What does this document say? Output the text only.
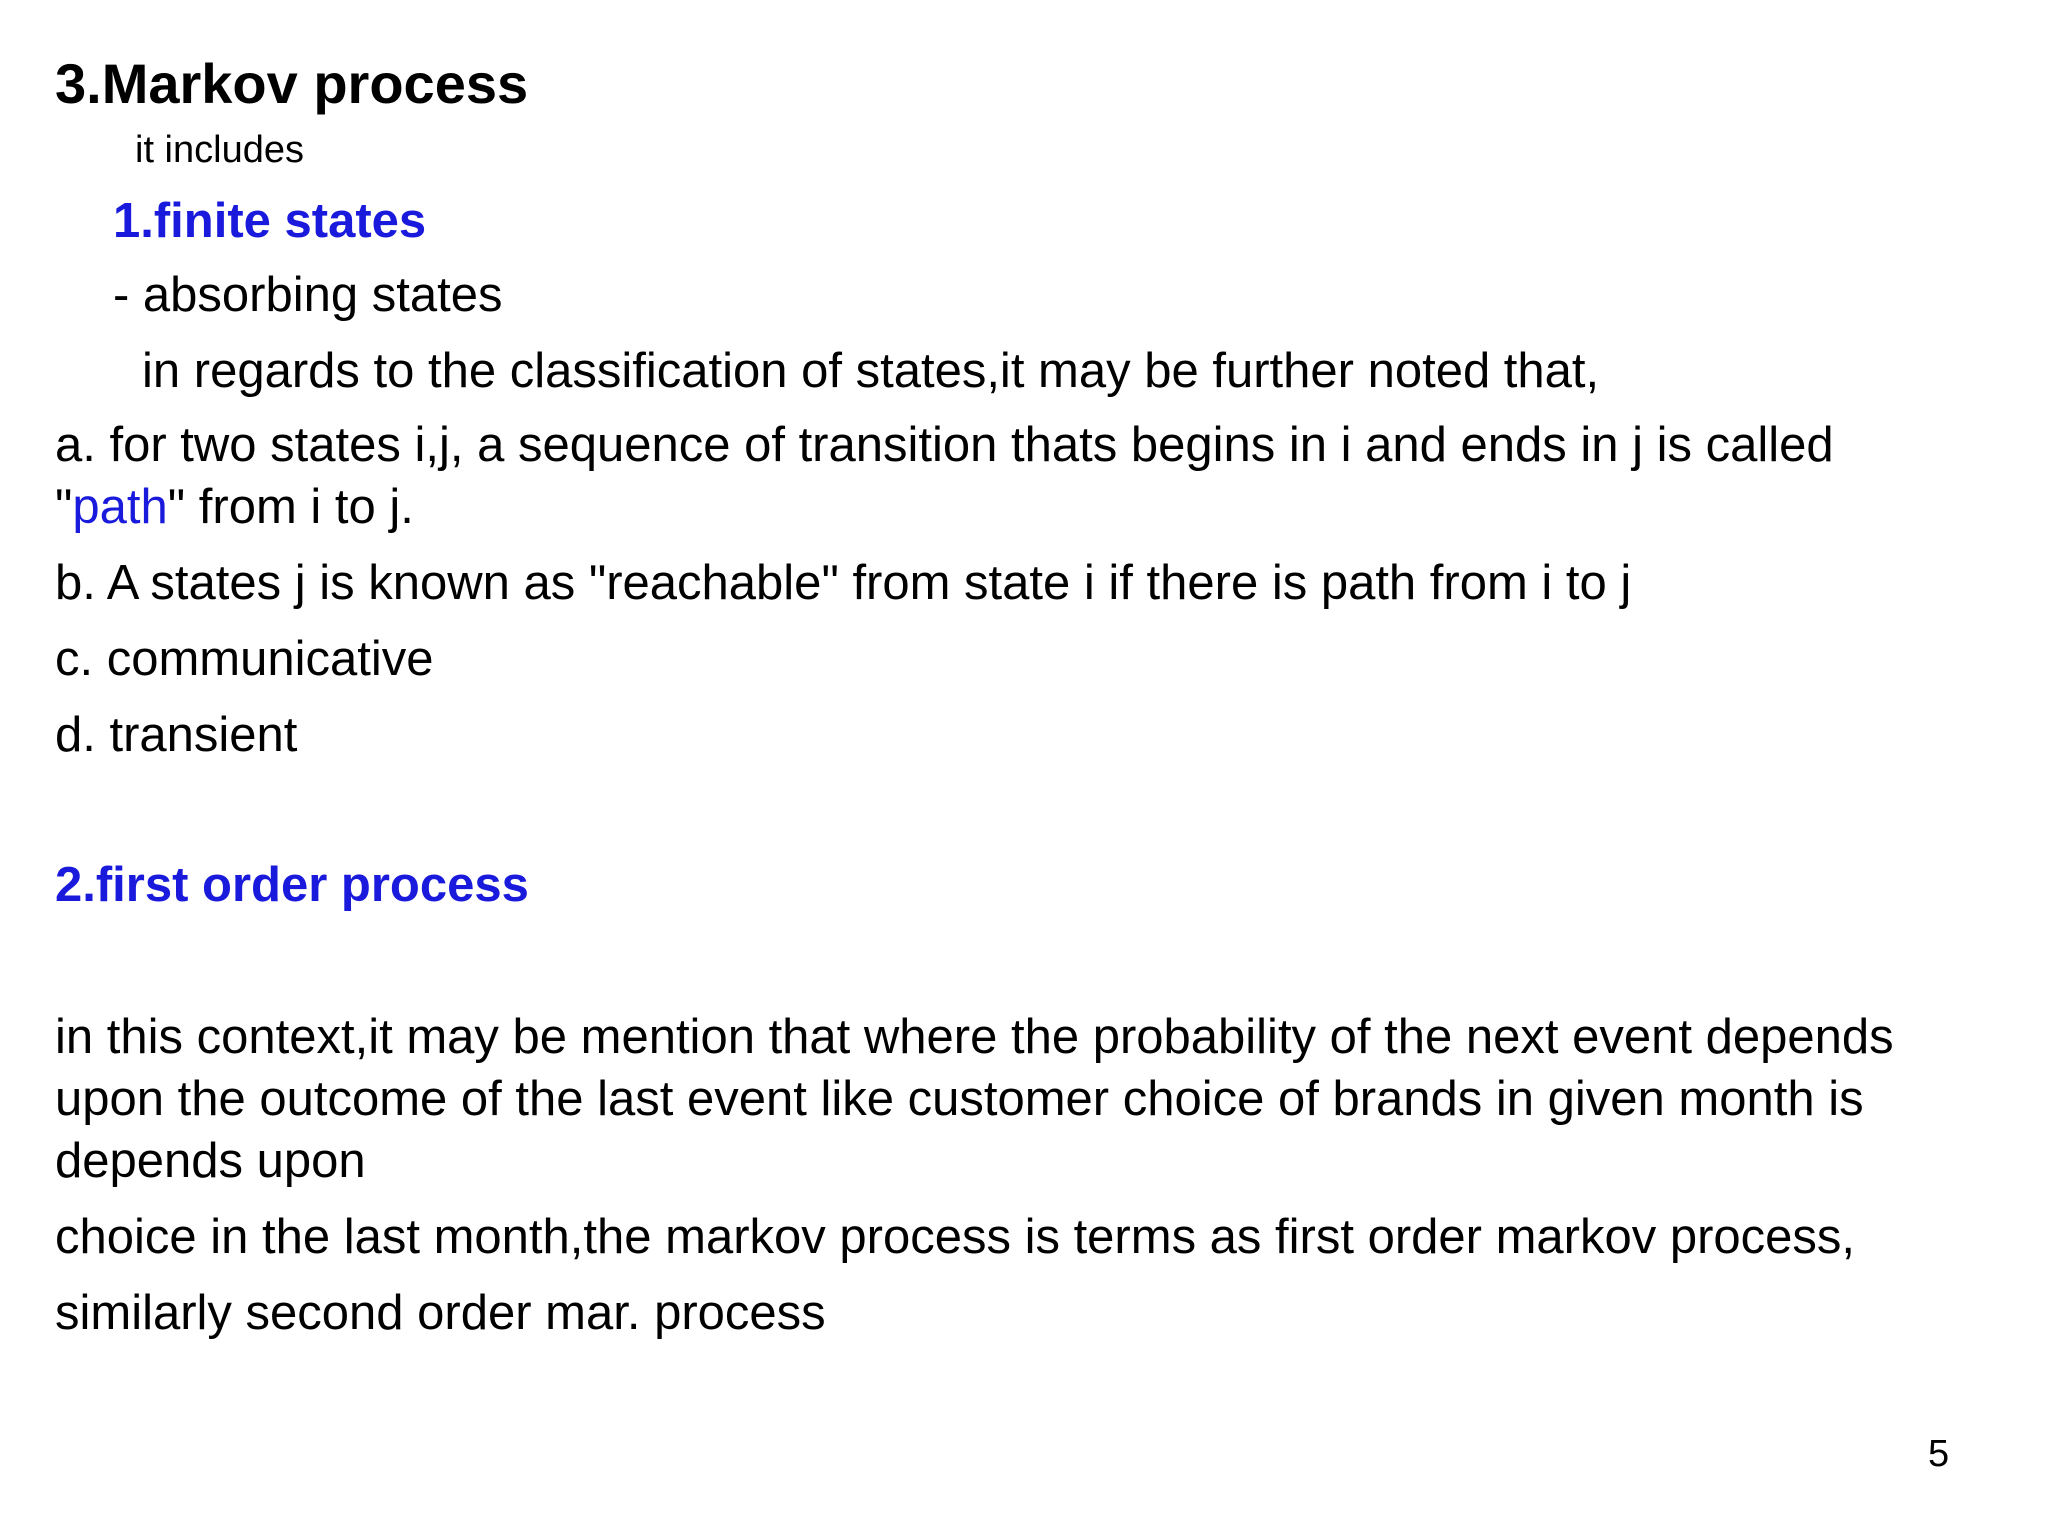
3.Markov process
it includes
1.finite states
- absorbing states
in regards to the classification of states,it may be further noted that,
a. for two states i,j, a sequence of transition thats begins in i and ends in j is called
"path" from i to j.
b. A states j is known as "reachable" from state i if there is path from i to j
c. communicative
d. transient
2.first order process
in this context,it may be mention that where the probability of the next event depends
upon the outcome of the last event like customer choice of brands in given month is
depends upon
choice in the last month,the markov process is terms as first order markov process,
similarly second order mar. process
5
